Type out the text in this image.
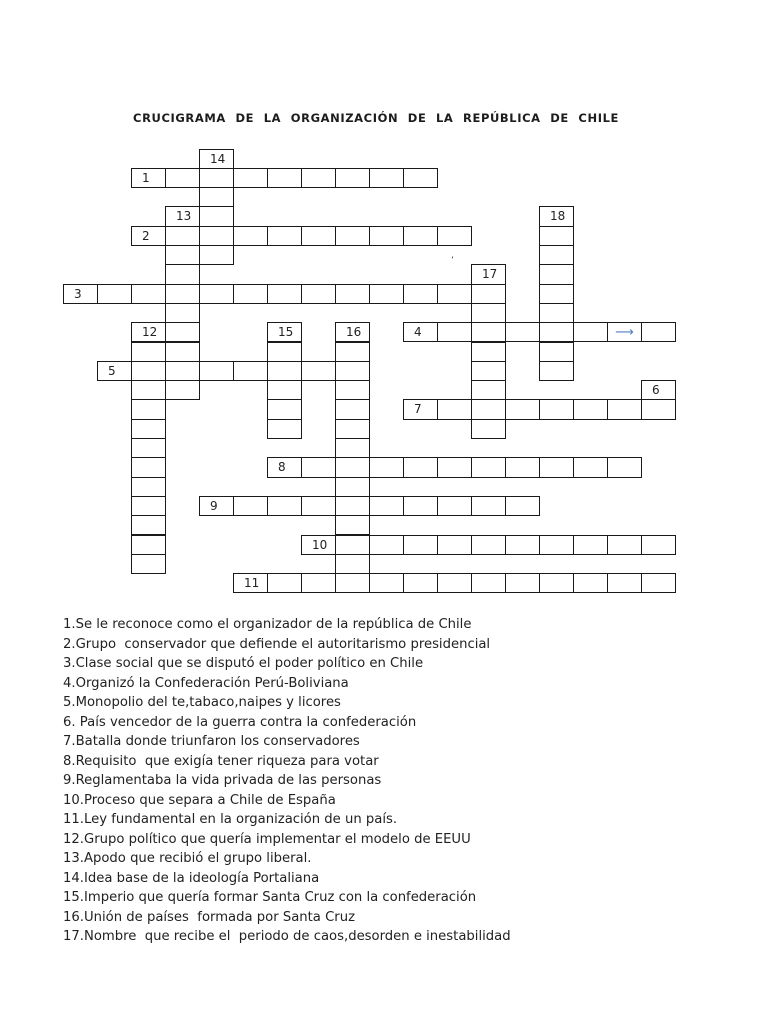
CRUCIGRAMA DE LA ORGANIZACIÓN DE LA REPÚBLICA DE CHILE
14
1
13	18
2
17
3
12	15	16	4	⟶
5
6
7
8
9
10
11
’
1.Se le reconoce como el organizador de la república de Chile
2.Grupo  conservador que defiende el autoritarismo presidencial
3.Clase social que se disputó el poder político en Chile
4.Organizó la Confederación Perú-Boliviana
5.Monopolio del te,tabaco,naipes y licores
6. País vencedor de la guerra contra la confederación
7.Batalla donde triunfaron los conservadores
8.Requisito  que exigía tener riqueza para votar
9.Reglamentaba la vida privada de las personas
10.Proceso que separa a Chile de España
11.Ley fundamental en la organización de un país.
12.Grupo político que quería implementar el modelo de EEUU
13.Apodo que recibió el grupo liberal.
14.Idea base de la ideología Portaliana
15.Imperio que quería formar Santa Cruz con la confederación
16.Unión de países  formada por Santa Cruz
17.Nombre  que recibe el  periodo de caos,desorden e inestabilidad
